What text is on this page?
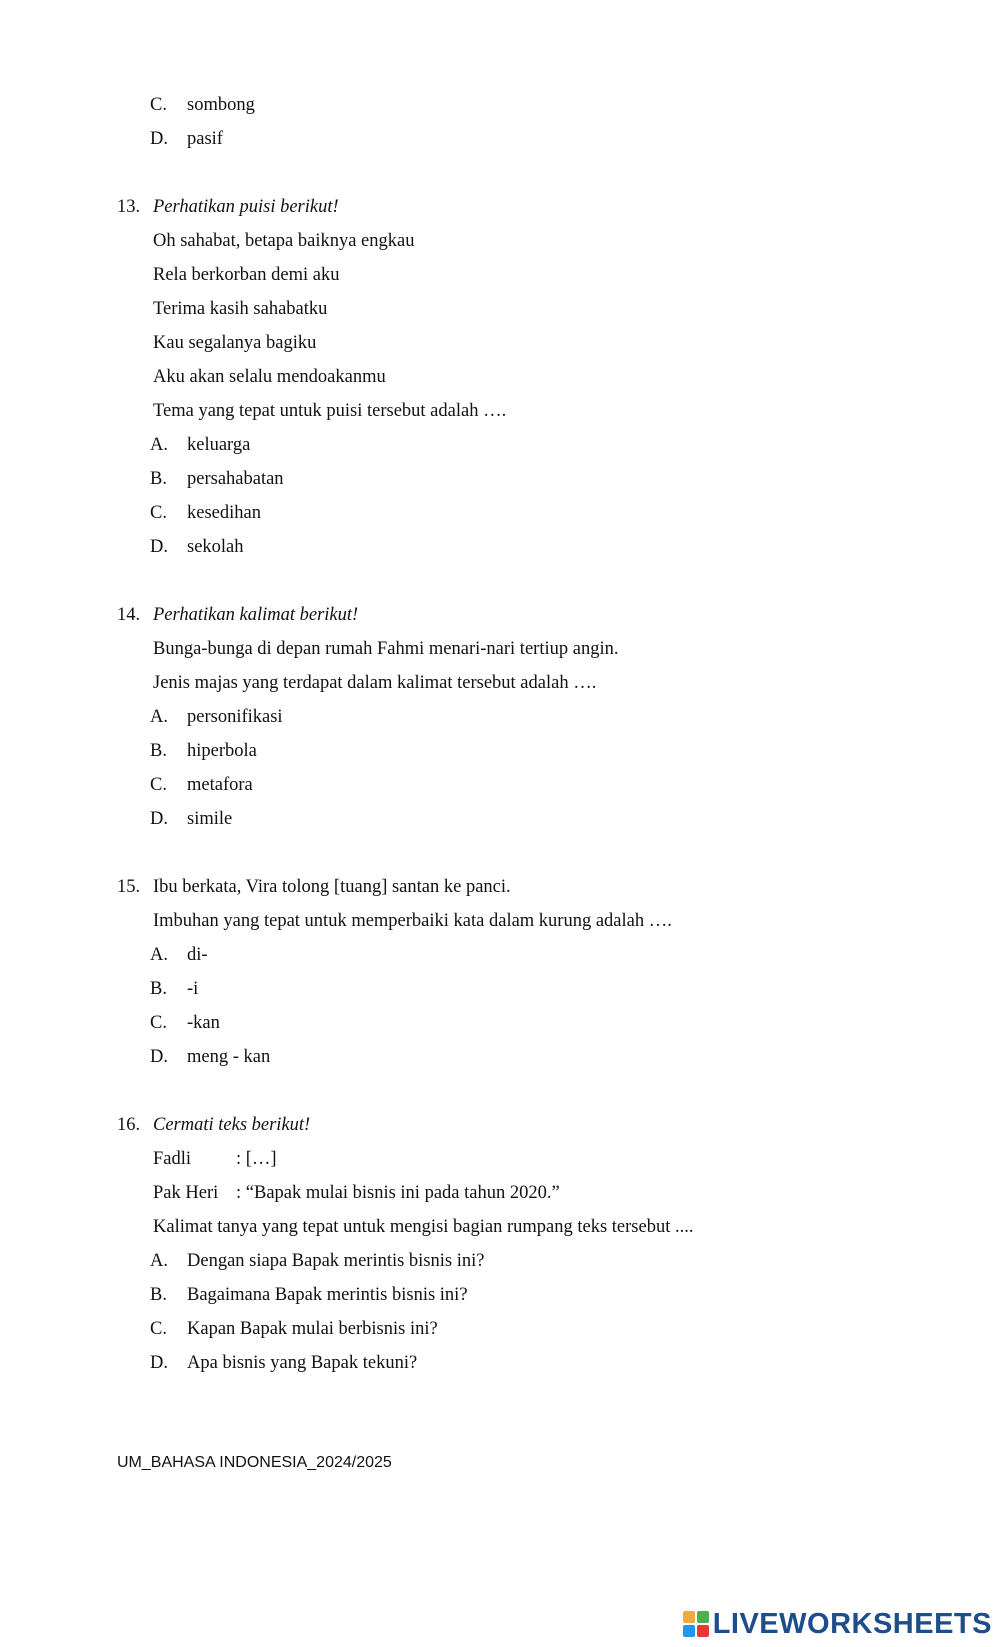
C. sombong
D. pasif
13. Perhatikan puisi berikut!
Oh sahabat, betapa baiknya engkau
Rela berkorban demi aku
Terima kasih sahabatku
Kau segalanya bagiku
Aku akan selalu mendoakanmu
Tema yang tepat untuk puisi tersebut adalah ….
A. keluarga
B. persahabatan
C. kesedihan
D. sekolah
14. Perhatikan kalimat berikut!
Bunga-bunga di depan rumah Fahmi menari-nari tertiup angin.
Jenis majas yang terdapat dalam kalimat tersebut adalah ….
A. personifikasi
B. hiperbola
C. metafora
D. simile
15. Ibu berkata, Vira tolong [tuang] santan ke panci.
Imbuhan yang tepat untuk memperbaiki kata dalam kurung adalah ….
A. di-
B. -i
C. -kan
D. meng - kan
16. Cermati teks berikut!
Fadli : […]
Pak Heri : “Bapak mulai bisnis ini pada tahun 2020.”
Kalimat tanya yang tepat untuk mengisi bagian rumpang teks tersebut ....
A. Dengan siapa Bapak merintis bisnis ini?
B. Bagaimana Bapak merintis bisnis ini?
C. Kapan Bapak mulai berbisnis ini?
D. Apa bisnis yang Bapak tekuni?
UM_BAHASA INDONESIA_2024/2025
LIVEWORKSHEETS
